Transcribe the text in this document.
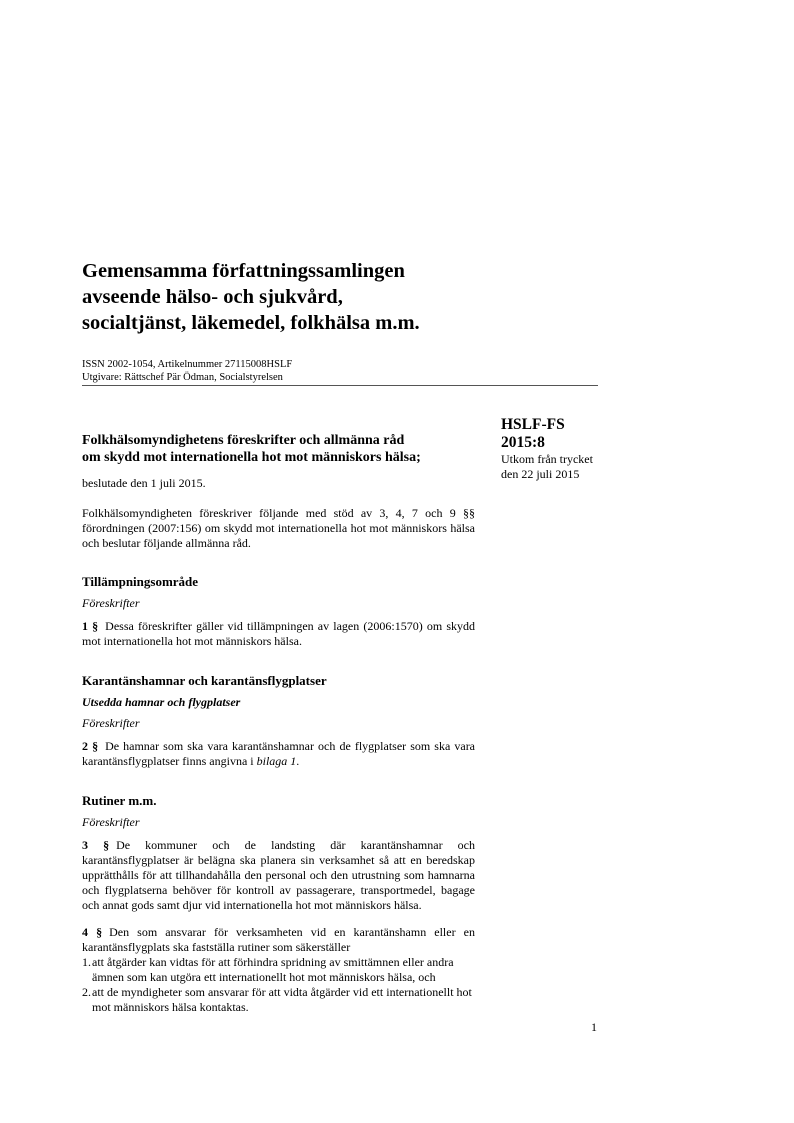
Gemensamma författningssamlingen
avseende hälso- och sjukvård,
socialtjänst, läkemedel, folkhälsa m.m.
ISSN 2002-1054, Artikelnummer 27115008HSLF
Utgivare: Rättschef Pär Ödman, Socialstyrelsen
HSLF-FS
2015:8
Utkom från trycket
den 22 juli 2015

Folkhälsomyndighetens föreskrifter och allmänna råd
om skydd mot internationella hot mot människors hälsa;

beslutade den 1 juli 2015.

Folkhälsomyndigheten föreskriver följande med stöd av 3, 4, 7 och 9 §§ förordningen (2007:156) om skydd mot internationella hot mot människors hälsa och beslutar följande allmänna råd.

Tillämpningsområde

Föreskrifter

1 § Dessa föreskrifter gäller vid tillämpningen av lagen (2006:1570) om skydd mot internationella hot mot människors hälsa.

Karantänshamnar och karantänsflygplatser

Utsedda hamnar och flygplatser

Föreskrifter

2 § De hamnar som ska vara karantänshamnar och de flygplatser som ska vara karantänsflygplatser finns angivna i bilaga 1.

Rutiner m.m.

Föreskrifter

3 § De kommuner och de landsting där karantänshamnar och karantänsflygplatser är belägna ska planera sin verksamhet så att en beredskap upprätthålls för att tillhandahålla den personal och den utrustning som hamnarna och flygplatserna behöver för kontroll av passagerare, transportmedel, bagage och annat gods samt djur vid internationella hot mot människors hälsa.

4 § Den som ansvarar för verksamheten vid en karantänshamn eller en karantänsflygplats ska fastställa rutiner som säkerställer

1. att åtgärder kan vidtas för att förhindra spridning av smittämnen eller andra ämnen som kan utgöra ett internationellt hot mot människors hälsa, och
2. att de myndigheter som ansvarar för att vidta åtgärder vid ett internationellt hot mot människors hälsa kontaktas.
1
